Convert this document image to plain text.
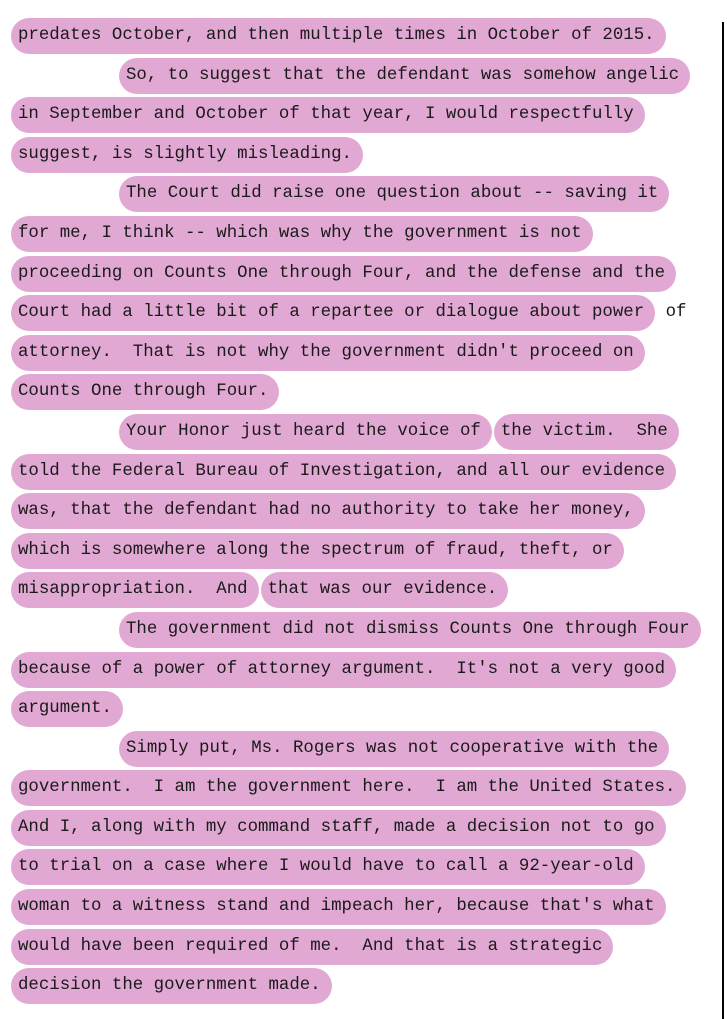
predates October, and then multiple times in October of 2015.
So, to suggest that the defendant was somehow angelic
in September and October of that year, I would respectfully
suggest, is slightly misleading.
The Court did raise one question about -- saving it
for me, I think -- which was why the government is not
proceeding on Counts One through Four, and the defense and the
Court had a little bit of a repartee or dialogue about power of
attorney.  That is not why the government didn't proceed on
Counts One through Four.
Your Honor just heard the voice of the victim.  She
told the Federal Bureau of Investigation, and all our evidence
was, that the defendant had no authority to take her money,
which is somewhere along the spectrum of fraud, theft, or
misappropriation.  And that was our evidence.
The government did not dismiss Counts One through Four
because of a power of attorney argument.  It's not a very good
argument.
Simply put, Ms. Rogers was not cooperative with the
government.  I am the government here.  I am the United States.
And I, along with my command staff, made a decision not to go
to trial on a case where I would have to call a 92-year-old
woman to a witness stand and impeach her, because that's what
would have been required of me.  And that is a strategic
decision the government made.
